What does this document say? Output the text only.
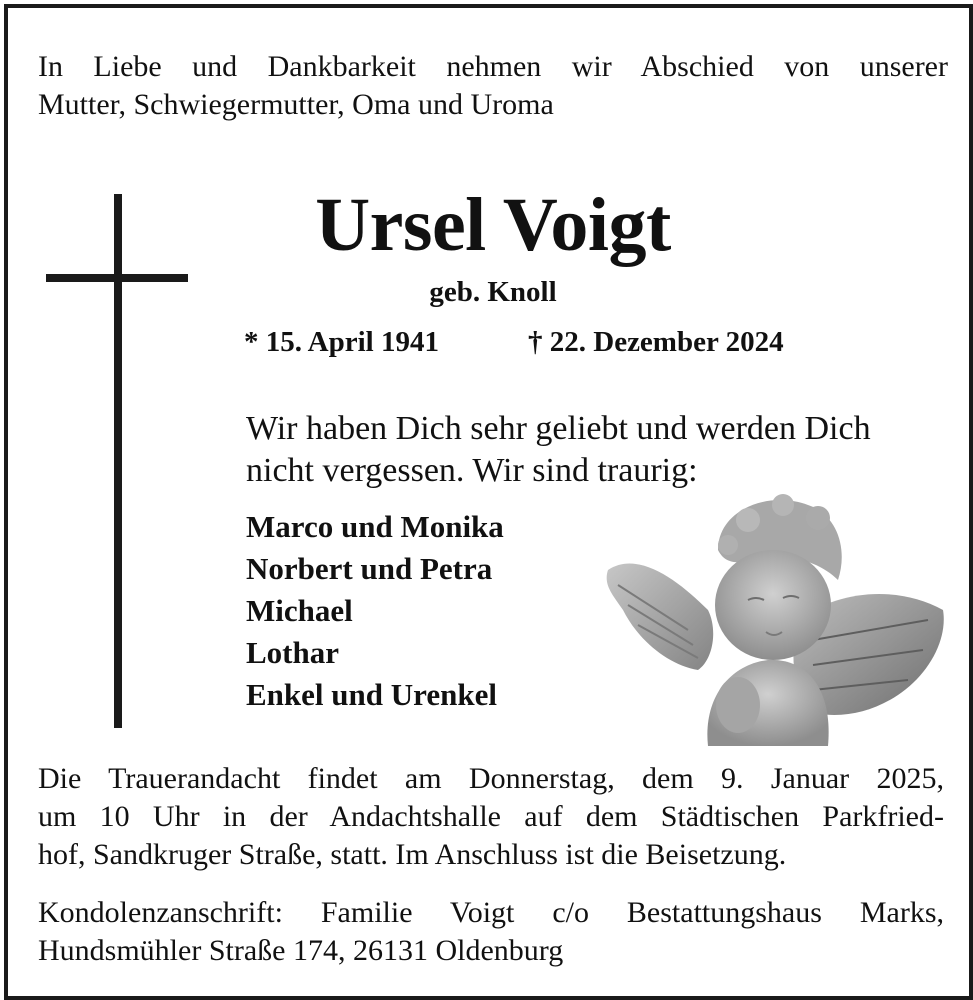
In Liebe und Dankbarkeit nehmen wir Abschied von unserer
Mutter, Schwiegermutter, Oma und Uroma
Ursel Voigt
geb. Knoll
* 15. April 1941	† 22. Dezember 2024
Wir haben Dich sehr geliebt und werden Dich
nicht vergessen. Wir sind traurig:
Marco und Monika
Norbert und Petra
Michael
Lothar
Enkel und Urenkel
Die Trauerandacht findet am Donnerstag, dem 9. Januar 2025,
um 10 Uhr in der Andachtshalle auf dem Städtischen Parkfried-
hof, Sandkruger Straße, statt. Im Anschluss ist die Beisetzung.
Kondolenzanschrift: Familie Voigt c/o Bestattungshaus Marks,
Hundsmühler Straße 174, 26131 Oldenburg
